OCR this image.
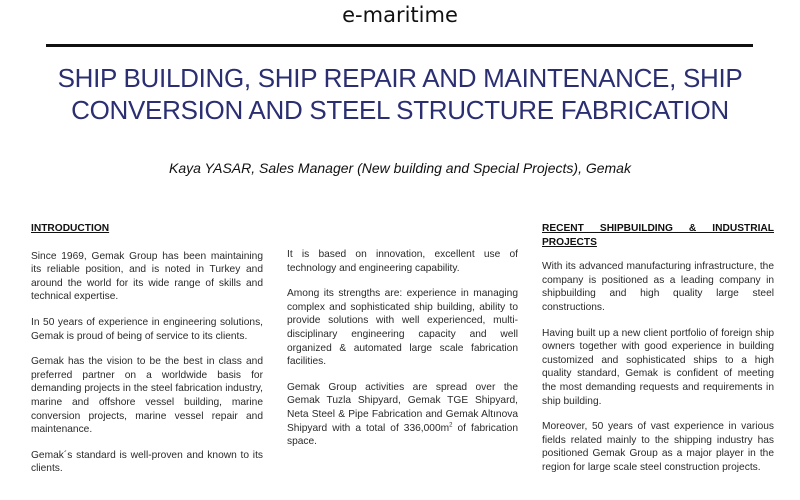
e-maritime
SHIP BUILDING, SHIP REPAIR AND MAINTENANCE, SHIP CONVERSION AND STEEL STRUCTURE FABRICATION
Kaya YASAR, Sales Manager (New building and Special Projects), Gemak
INTRODUCTION

Since 1969, Gemak Group has been maintaining its reliable position, and is noted in Turkey and around the world for its wide range of skills and technical expertise.

In 50 years of experience in engineering solutions, Gemak is proud of being of service to its clients.

Gemak has the vision to be the best in class and preferred partner on a worldwide basis for demanding projects in the steel fabrication industry, marine and offshore vessel building, marine conversion projects, marine vessel repair and maintenance.

Gemak´s standard is well-proven and known to its clients.

It is based on innovation, excellent use of technology and engineering capability.

Among its strengths are: experience in managing complex and sophisticated ship building, ability to provide solutions with well experienced, multi-disciplinary engineering capacity and well organized & automated large scale fabrication facilities.

Gemak Group activities are spread over the Gemak Tuzla Shipyard, Gemak TGE Shipyard, Neta Steel & Pipe Fabrication and Gemak Altınova Shipyard with a total of $336,000m^2$ of fabrication space.

RECENT SHIPBUILDING & INDUSTRIAL PROJECTS

With its advanced manufacturing infrastructure, the company is positioned as a leading company in shipbuilding and high quality large steel constructions.

Having built up a new client portfolio of foreign ship owners together with good experience in building customized and sophisticated ships to a high quality standard, Gemak is confident of meeting the most demanding requests and requirements in ship building.

Moreover, 50 years of vast experience in various fields related mainly to the shipping industry has positioned Gemak Group as a major player in the region for large scale steel construction projects.
